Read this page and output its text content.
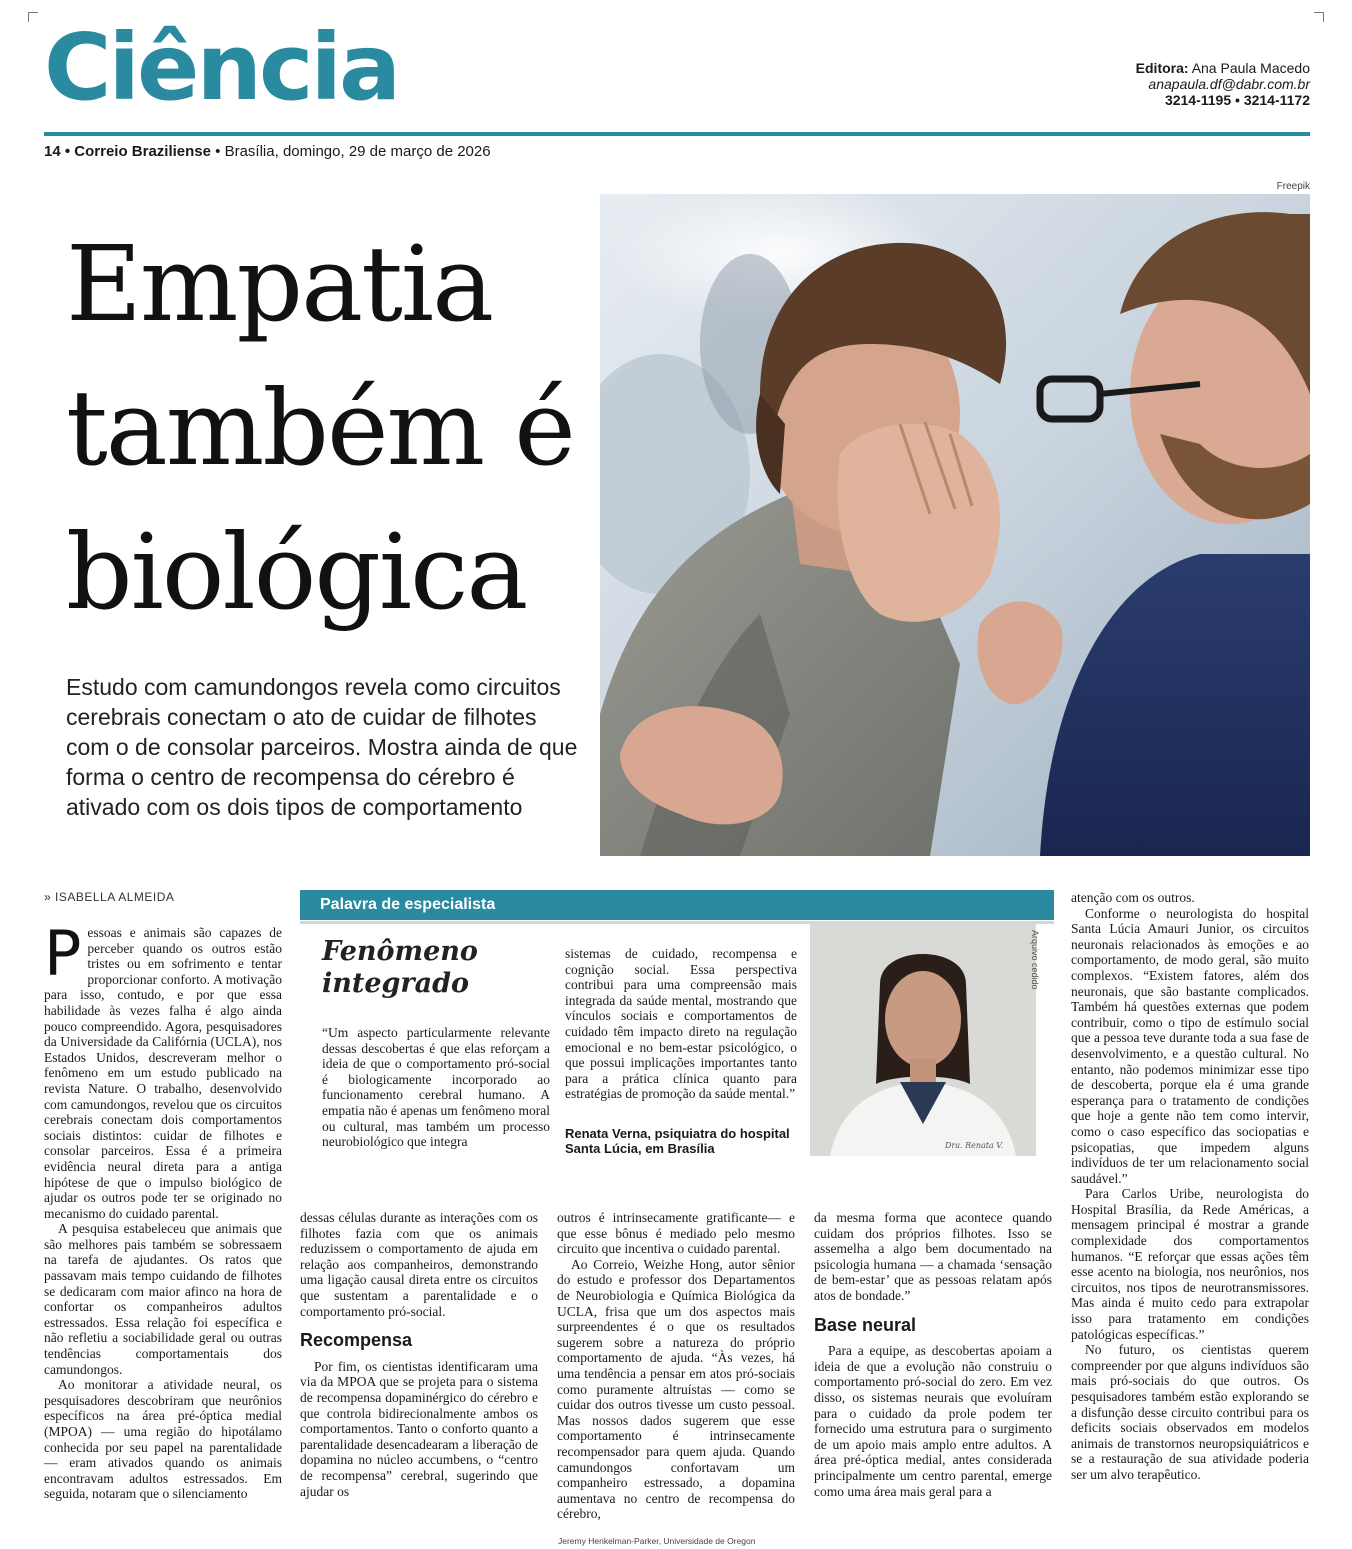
Ciência	Editora: Ana Paula Macedo
anapaula.df@dabr.com.br
3214-1195 • 3214-1172
14 • Correio Braziliense • Brasília, domingo, 29 de março de 2026
Freepik
Empatia
também é
biológica
Estudo com camundongos revela como circuitos cerebrais conectam o ato de cuidar de filhotes com o de consolar parceiros. Mostra ainda de que forma o centro de recompensa do cérebro é ativado com os dois tipos de comportamento
» ISABELLA ALMEIDA

Pessoas e animais são capazes de perceber quando os outros estão tristes ou em sofrimento e tentar proporcionar conforto. A motivação para isso, contudo, e por que essa habilidade às vezes falha é algo ainda pouco compreendido. Agora, pesquisadores da Universidade da Califórnia (UCLA), nos Estados Unidos, descreveram melhor o fenômeno em um estudo publicado na revista Nature. O trabalho, desenvolvido com camundongos, revelou que os circuitos cerebrais conectam dois comportamentos sociais distintos: cuidar de filhotes e consolar parceiros. Essa é a primeira evidência neural direta para a antiga hipótese de que o impulso biológico de ajudar os outros pode ter se originado no mecanismo do cuidado parental.

A pesquisa estabeleceu que animais que são melhores pais também se sobressaem na tarefa de ajudantes. Os ratos que passavam mais tempo cuidando de filhotes se dedicaram com maior afinco na hora de confortar os companheiros adultos estressados. Essa relação foi específica e não refletiu a sociabilidade geral ou outras tendências comportamentais dos camundongos.

Ao monitorar a atividade neural, os pesquisadores descobriram que neurônios específicos na área pré-óptica medial (MPOA) — uma região do hipotálamo conhecida por seu papel na parentalidade — eram ativados quando os animais encontravam adultos estressados. Em seguida, notaram que o silenciamento

Palavra de especialista
Fenômeno
integrado
“Um aspecto particularmente relevante dessas descobertas é que elas reforçam a ideia de que o comportamento pró-social é biologicamente incorporado ao funcionamento cerebral humano. A empatia não é apenas um fenômeno moral ou cultural, mas também um processo neurobiológico que integra
sistemas de cuidado, recompensa e cognição social. Essa perspectiva contribui para uma compreensão mais integrada da saúde mental, mostrando que vínculos sociais e comportamentos de cuidado têm impacto direto na regulação emocional e no bem-estar psicológico, o que possui implicações importantes tanto para a prática clínica quanto para estratégias de promoção da saúde mental.”
Renata Verna, psiquiatra do hospital
Santa Lúcia, em Brasília	Dra. Renata V.
Arquivo cedido

dessas células durante as interações com os filhotes fazia com que os animais reduzissem o comportamento de ajuda em relação aos companheiros, demonstrando uma ligação causal direta entre os circuitos que sustentam a parentalidade e o comportamento pró-social.

Recompensa

Por fim, os cientistas identificaram uma via da MPOA que se projeta para o sistema de recompensa dopaminérgico do cérebro e que controla bidirecionalmente ambos os comportamentos. Tanto o conforto quanto a parentalidade desencadearam a liberação de dopamina no núcleo accumbens, o “centro de recompensa” cerebral, sugerindo que ajudar os

outros é intrinsecamente gratificante— e que esse bônus é mediado pelo mesmo circuito que incentiva o cuidado parental.

Ao Correio, Weizhe Hong, autor sênior do estudo e professor dos Departamentos de Neurobiologia e Química Biológica da UCLA, frisa que um dos aspectos mais surpreendentes é o que os resultados sugerem sobre a natureza do próprio comportamento de ajuda. “Às vezes, há uma tendência a pensar em atos pró-sociais como puramente altruístas — como se cuidar dos outros tivesse um custo pessoal. Mas nossos dados sugerem que esse comportamento é intrinsecamente recompensador para quem ajuda. Quando camundongos confortavam um companheiro estressado, a dopamina aumentava no centro de recompensa do cérebro,

da mesma forma que acontece quando cuidam dos próprios filhotes. Isso se assemelha a algo bem documentado na psicologia humana — a chamada ‘sensação de bem-estar’ que as pessoas relatam após atos de bondade.”

Base neural

Para a equipe, as descobertas apoiam a ideia de que a evolução não construiu o comportamento pró-social do zero. Em vez disso, os sistemas neurais que evoluíram para o cuidado da prole podem ter fornecido uma estrutura para o surgimento de um apoio mais amplo entre adultos. A área pré-óptica medial, antes considerada principalmente um centro parental, emerge como uma área mais geral para a

atenção com os outros.

Conforme o neurologista do hospital Santa Lúcia Amauri Junior, os circuitos neuronais relacionados às emoções e ao comportamento, de modo geral, são muito complexos. “Existem fatores, além dos neuronais, que são bastante complicados. Também há questões externas que podem contribuir, como o tipo de estímulo social que a pessoa teve durante toda a sua fase de desenvolvimento, e a questão cultural. No entanto, não podemos minimizar esse tipo de descoberta, porque ela é uma grande esperança para o tratamento de condições que hoje a gente não tem como intervir, como o caso específico das sociopatias e psicopatias, que impedem alguns indivíduos de ter um relacionamento social saudável.”

Para Carlos Uribe, neurologista do Hospital Brasília, da Rede Américas, a mensagem principal é mostrar a grande complexidade dos comportamentos humanos. “E reforçar que essas ações têm esse acento na biologia, nos neurônios, nos circuitos, nos tipos de neurotransmissores. Mas ainda é muito cedo para extrapolar isso para tratamento em condições patológicas específicas.”

No futuro, os cientistas querem compreender por que alguns indivíduos são mais pró-sociais do que outros. Os pesquisadores também estão explorando se a disfunção desse circuito contribui para os deficits sociais observados em modelos animais de transtornos neuropsiquiátricos e se a restauração de sua atividade poderia ser um alvo terapêutico.

Jeremy Henkelman-Parker, Universidade de Oregon
